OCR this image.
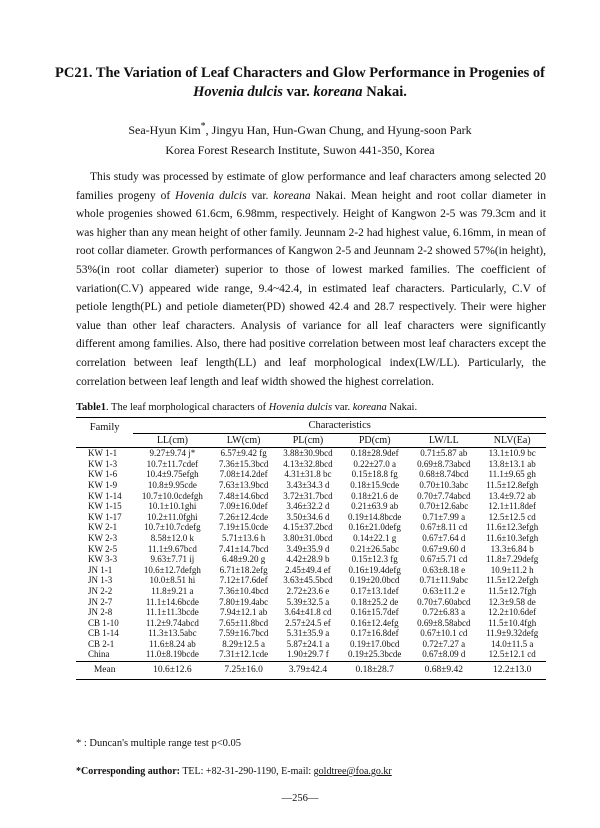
PC21. The Variation of Leaf Characters and Glow Performance in Progenies of
Hovenia dulcis var. koreana Nakai.
Sea-Hyun Kim*, Jingyu Han, Hun-Gwan Chung, and Hyung-soon Park
Korea Forest Research Institute, Suwon 441-350, Korea
This study was processed by estimate of glow performance and leaf characters among selected 20 families progeny of Hovenia dulcis var. koreana Nakai. Mean height and root collar diameter in whole progenies showed 61.6cm, 6.98mm, respectively. Height of Kangwon 2-5 was 79.3cm and it was higher than any mean height of other family. Jeunnam 2-2 had highest value, 6.16mm, in mean of root collar diameter. Growth performances of Kangwon 2-5 and Jeunnam 2-2 showed 57%(in height), 53%(in root collar diameter) superior to those of lowest marked families. The coefficient of variation(C.V) appeared wide range, 9.4~42.4, in estimated leaf characters. Particularly, C.V of petiole length(PL) and petiole diameter(PD) showed 42.4 and 28.7 respectively. Their were higher value than other leaf characters. Analysis of variance for all leaf characters were significantly different among families. Also, there had positive correlation between most leaf characters except the correlation between leaf length(LL) and leaf morphological index(LW/LL). Particularly, the correlation between leaf length and leaf width showed the highest correlation.
Table1. The leaf morphological characters of Hovenia dulcis var. koreana Nakai.
Family	Characteristics					
	LL(cm)	LW(cm)	PL(cm)	PD(cm)	LW/LL	NLV(Ea)
KW 1-1	9.27±9.74 j*	6.57±9.42 fg	3.88±30.9bcd	0.18±28.9def	0.71±5.87 ab	13.1±10.9 bc
KW 1-3	10.7±11.7cdef	7.36±15.3bcd	4.13±32.8bcd	0.22±27.0 a	0.69±8.73abcd	13.8±13.1 ab
KW 1-6	10.4±9.75efgh	7.08±14.2def	4.31±31.8 bc	0.15±18.8 fg	0.68±8.74bcd	11.1±9.65 gh
KW 1-9	10.8±9.95cde	7.63±13.9bcd	3.43±34.3 d	0.18±15.9cde	0.70±10.3abc	11.5±12.8efgh
KW 1-14	10.7±10.0cdefgh	7.48±14.6bcd	3.72±31.7bcd	0.18±21.6 de	0.70±7.74abcd	13.4±9.72 ab
KW 1-15	10.1±10.1ghi	7.09±16.0def	3.46±32.2 d	0.21±63.9 ab	0.70±12.6abc	12.1±11.8def
KW 1-17	10.2±11.0fghi	7.26±12.4cde	3.50±34.6 d	0.19±14.8bcde	0.71±7.99 a	12.5±12.5 cd
KW 2-1	10.7±10.7cdefg	7.19±15.0cde	4.15±37.2bcd	0.16±21.0defg	0.67±8.11 cd	11.6±12.3efgh
KW 2-3	8.58±12.0 k	5.71±13.6 h	3.80±31.0bcd	0.14±22.1 g	0.67±7.64 d	11.6±10.3efgh
KW 2-5	11.1±9.67bcd	7.41±14.7bcd	3.49±35.9 d	0.21±26.5abc	0.67±9.60 d	13.3±6.84 b
KW 3-3	9.63±7.71 ij	6.48±9.20 g	4.42±28.9 b	0.15±12.3 fg	0.67±5.71 cd	11.8±7.29defg
JN 1-1	10.6±12.7defgh	6.71±18.2efg	2.45±49.4 ef	0.16±19.4defg	0.63±8.18 e	10.9±11.2 h
JN 1-3	10.0±8.51 hi	7.12±17.6def	3.63±45.5bcd	0.19±20.0bcd	0.71±11.9abc	11.5±12.2efgh
JN 2-2	11.8±9.21 a	7.36±10.4bcd	2.72±23.6 e	0.17±13.1def	0.63±11.2 e	11.5±12.7fgh
JN 2-7	11.1±14.6bcde	7.80±19.4abc	5.39±32.5 a	0.18±25.2 de	0.70±7.60abcd	12.3±9.58 de
JN 2-8	11.1±11.3bcde	7.94±12.1 ab	3.64±41.8 cd	0.16±15.7def	0.72±6.83 a	12.2±10.6def
CB 1-10	11.2±9.74abcd	7.65±11.8bcd	2.57±24.5 ef	0.16±12.4efg	0.69±8.58abcd	11.5±10.4fgh
CB 1-14	11.3±13.5abc	7.59±16.7bcd	5.31±35.9 a	0.17±16.8def	0.67±10.1 cd	11.9±9.32defg
CB 2-1	11.6±8.24 ab	8.29±12.5 a	5.87±24.1 a	0.19±17.0bcd	0.72±7.27 a	14.0±11.5 a
China	11.0±8.19bcde	7.31±12.1cde	1.90±29.7 f	0.19±25.3bcde	0.67±8.09 d	12.5±12.1 cd
Mean	10.6±12.6	7.25±16.0	3.79±42.4	0.18±28.7	0.68±9.42	12.2±13.0
* : Duncan's multiple range test p<0.05
*Corresponding author: TEL: +82-31-290-1190, E-mail: goldtree@foa.go.kr
—256—
